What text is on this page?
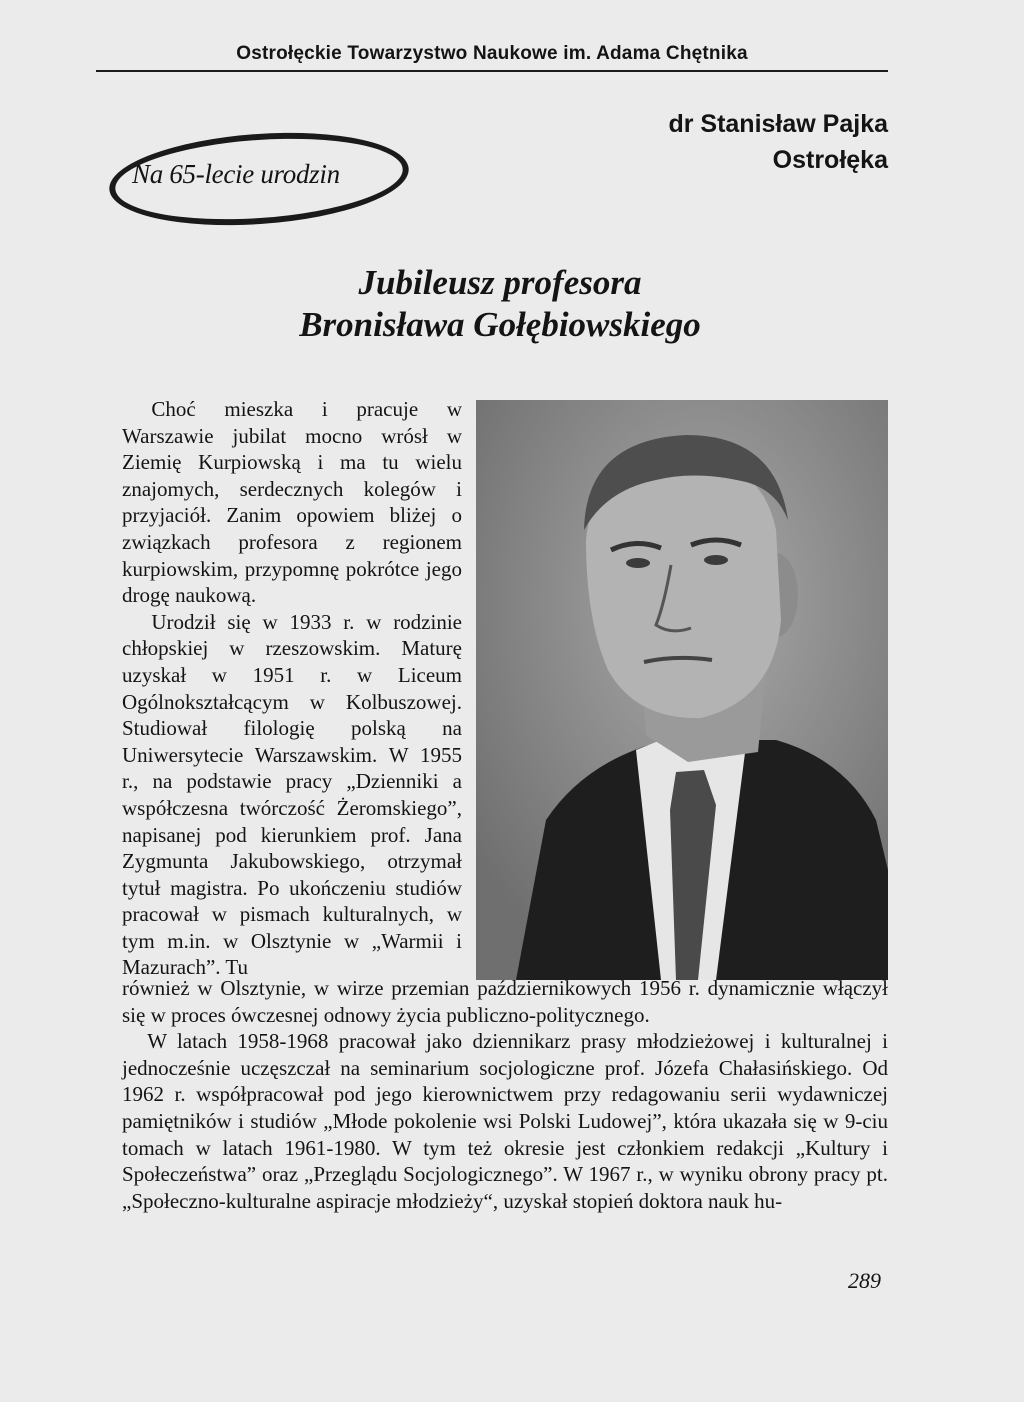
Ostrołęckie Towarzystwo Naukowe im. Adama Chętnika
Na 65-lecie urodzin
dr Stanisław Pajka
Ostrołęka
Jubileusz profesora
Bronisława Gołębiowskiego

Choć mieszka i pracuje w Warszawie jubilat mocno wrósł w Ziemię Kurpiowską i ma tu wielu znajomych, serdecznych kolegów i przyjaciół. Zanim opowiem bliżej o związkach profesora z regionem kurpiowskim, przypomnę pokrótce jego drogę naukową.

Urodził się w 1933 r. w rodzinie chłopskiej w rzeszowskim. Maturę uzyskał w 1951 r. w Liceum Ogólnokształcącym w Kolbuszowej. Studiował filologię polską na Uniwersytecie Warszawskim. W 1955 r., na podstawie pracy „Dzienniki a współczesna twórczość Żeromskiego”, napisanej pod kierunkiem prof. Jana Zygmunta Jakubowskiego, otrzymał tytuł magistra. Po ukończeniu studiów pracował w pismach kulturalnych, w tym m.in. w Olsztynie w „Warmii i Mazurach”. Tu

również w Olsztynie, w wirze przemian październikowych 1956 r. dynamicznie włączył się w proces ówczesnej odnowy życia publiczno-politycznego.

W latach 1958-1968 pracował jako dziennikarz prasy młodzieżowej i kulturalnej i jednocześnie uczęszczał na seminarium socjologiczne prof. Józefa Chałasińskiego. Od 1962 r. współpracował pod jego kierownictwem przy redagowaniu serii wydawniczej pamiętników i studiów „Młode pokolenie wsi Polski Ludowej”, która ukazała się w 9-ciu tomach w latach 1961-1980. W tym też okresie jest członkiem redakcji „Kultury i Społeczeństwa” oraz „Przeglądu Socjologicznego”. W 1967 r., w wyniku obrony pracy pt. „Społeczno-kulturalne aspiracje młodzieży“, uzyskał stopień doktora nauk hu-

289
